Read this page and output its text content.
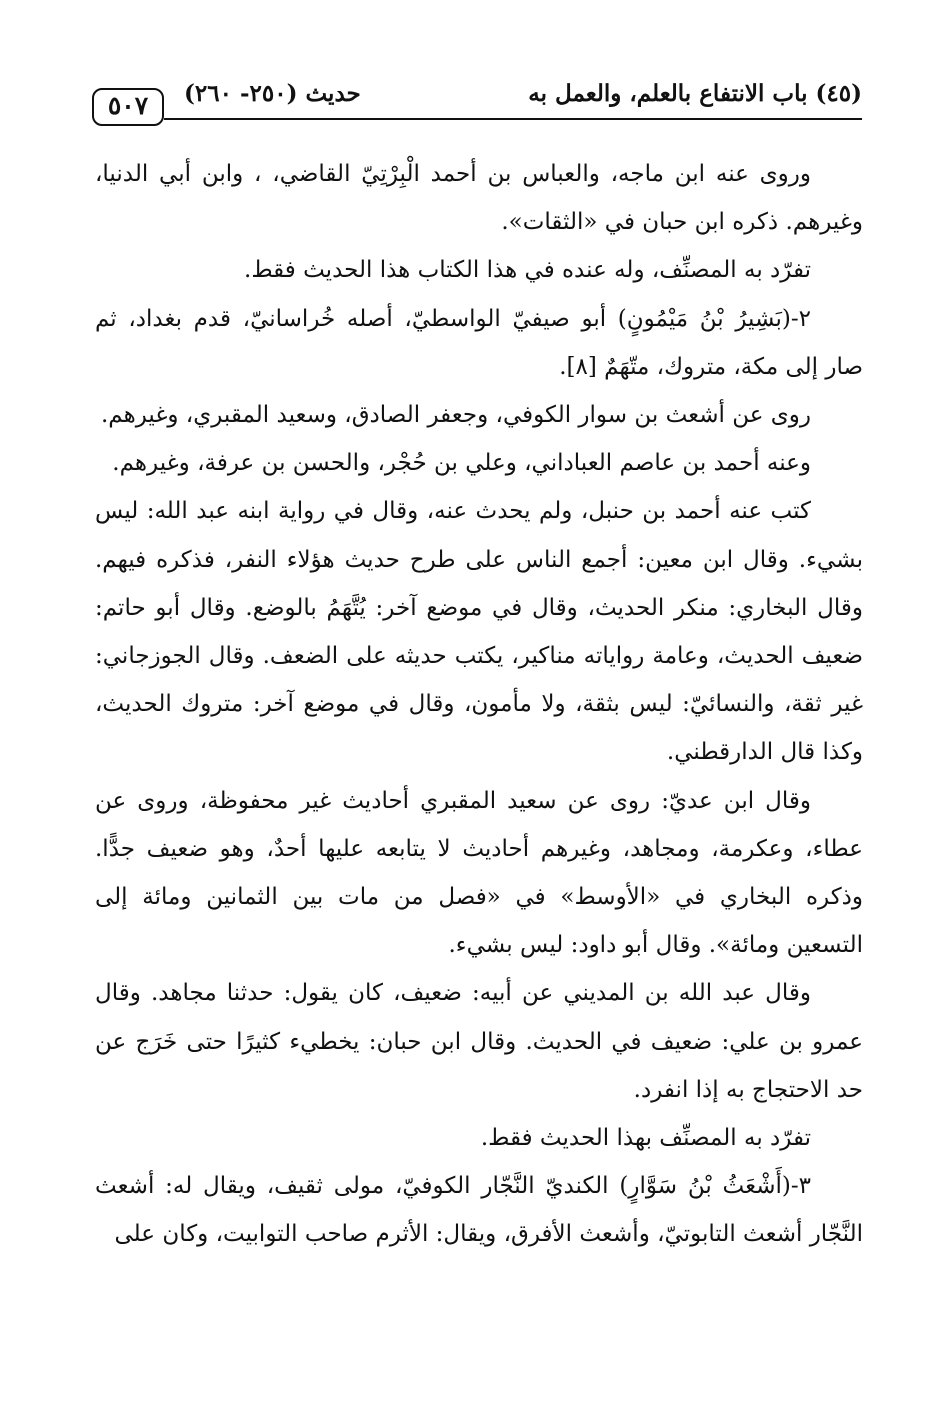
٥٠٧	حديث (٢٥٠- ٢٦٠)	(٤٥) باب الانتفاع بالعلم، والعمل به

وروى عنه ابن ماجه، والعباس بن أحمد الْبِرْتِيّ القاضي، ، وابن أبي الدنيا، وغيرهم. ذكره ابن حبان في «الثقات».

تفرّد به المصنِّف، وله عنده في هذا الكتاب هذا الحديث فقط.

٢-(بَشِيرُ بْنُ مَيْمُونٍ) أبو صيفيّ الواسطيّ، أصله خُراسانيّ، قدم بغداد، ثم صار إلى مكة، متروك، متّهَمٌ [٨].

روى عن أشعث بن سوار الكوفي، وجعفر الصادق، وسعيد المقبري، وغيرهم.

وعنه أحمد بن عاصم العباداني، وعلي بن حُجْر، والحسن بن عرفة، وغيرهم.

كتب عنه أحمد بن حنبل، ولم يحدث عنه، وقال في رواية ابنه عبد الله: ليس بشيء. وقال ابن معين: أجمع الناس على طرح حديث هؤلاء النفر، فذكره فيهم. وقال البخاري: منكر الحديث، وقال في موضع آخر: يُتَّهَمُ بالوضع. وقال أبو حاتم: ضعيف الحديث، وعامة رواياته مناكير، يكتب حديثه على الضعف. وقال الجوزجاني: غير ثقة، والنسائيّ: ليس بثقة، ولا مأمون، وقال في موضع آخر: متروك الحديث، وكذا قال الدارقطني.

وقال ابن عديّ: روى عن سعيد المقبري أحاديث غير محفوظة، وروى عن عطاء، وعكرمة، ومجاهد، وغيرهم أحاديث لا يتابعه عليها أحدٌ، وهو ضعيف جدًّا. وذكره البخاري في «الأوسط» في «فصل من مات بين الثمانين ومائة إلى التسعين ومائة». وقال أبو داود: ليس بشيء.

وقال عبد الله بن المديني عن أبيه: ضعيف، كان يقول: حدثنا مجاهد. وقال عمرو بن علي: ضعيف في الحديث. وقال ابن حبان: يخطيء كثيرًا حتى خَرَج عن حد الاحتجاج به إذا انفرد.

تفرّد به المصنِّف بهذا الحديث فقط.

٣-(أَشْعَثُ بْنُ سَوَّارٍ) الكنديّ النَّجّار الكوفيّ، مولى ثقيف، ويقال له: أشعث النَّجّار أشعث التابوتيّ، وأشعث الأفرق، ويقال: الأثرم صاحب التوابيت، وكان على
